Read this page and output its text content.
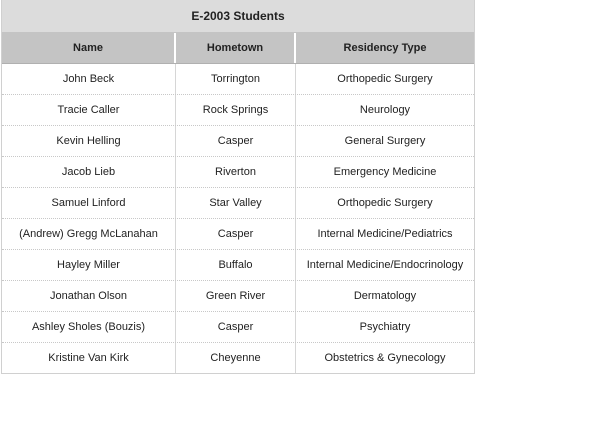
E-2003 Students
Name	Hometown	Residency Type
John Beck	Torrington	Orthopedic Surgery
Tracie Caller	Rock Springs	Neurology
Kevin Helling	Casper	General Surgery
Jacob Lieb	Riverton	Emergency Medicine
Samuel Linford	Star Valley	Orthopedic Surgery
(Andrew) Gregg McLanahan	Casper	Internal Medicine/Pediatrics
Hayley Miller	Buffalo	Internal Medicine/Endocrinology
Jonathan Olson	Green River	Dermatology
Ashley Sholes (Bouzis)	Casper	Psychiatry
Kristine Van Kirk	Cheyenne	Obstetrics & Gynecology
